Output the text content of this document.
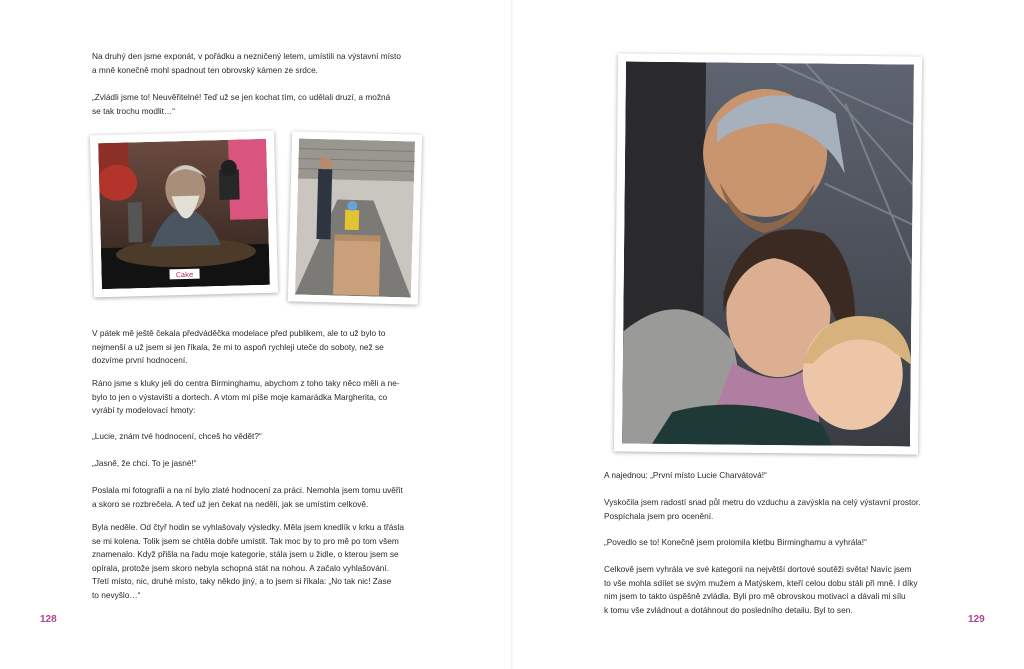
Na druhý den jsme exponát, v pořádku a nezničený letem, umístili na výstavní místo
a mně konečně mohl spadnout ten obrovský kámen ze srdce.

„Zvládli jsme to! Neuvěřitelné! Teď už se jen kochat tím, co udělali druzí, a možná
se tak trochu modlit…“

Cake

V pátek mě ještě čekala předváděčka modelace před publikem, ale to už bylo to
nejmenší a už jsem si jen říkala, že mi to aspoň rychleji uteče do soboty, než se
dozvíme první hodnocení.

Ráno jsme s kluky jeli do centra Birminghamu, abychom z toho taky něco měli a ne-
bylo to jen o výstavišti a dortech. A vtom mi píše moje kamarádka Margherita, co
vyrábí ty modelovací hmoty:

„Lucie, znám tvé hodnocení, chceš ho vědět?“

„Jasně, že chci. To je jasné!“

Poslala mi fotografii a na ní bylo zlaté hodnocení za práci. Nemohla jsem tomu uvěřit
a skoro se rozbrečela. A teď už jen čekat na neděli, jak se umístím celkově.

Byla neděle. Od čtyř hodin se vyhlašovaly výsledky. Měla jsem knedlík v krku a třásla
se mi kolena. Tolik jsem se chtěla dobře umístit. Tak moc by to pro mě po tom všem
znamenalo. Když přišla na řadu moje kategorie, stála jsem u židle, o kterou jsem se
opírala, protože jsem skoro nebyla schopná stát na nohou. A začalo vyhlašování.
Třetí místo, nic, druhé místo, taky někdo jiný, a to jsem si říkala: „No tak nic! Zase
to nevyšlo…“

128

A najednou: „První místo Lucie Charvátová!“

Vyskočila jsem radostí snad půl metru do vzduchu a zavýskla na celý výstavní prostor.
Pospíchala jsem pro ocenění.

„Povedlo se to! Konečně jsem prolomila kletbu Birminghamu a vyhrála!“

Celkově jsem vyhrála ve své kategorii na největší dortové soutěži světa! Navíc jsem
to vše mohla sdílet se svým mužem a Matýskem, kteří celou dobu stáli při mně. I díky
nim jsem to takto úspěšně zvládla. Byli pro mě obrovskou motivací a dávali mi sílu
k tomu vše zvládnout a dotáhnout do posledního detailu. Byl to sen.

129
